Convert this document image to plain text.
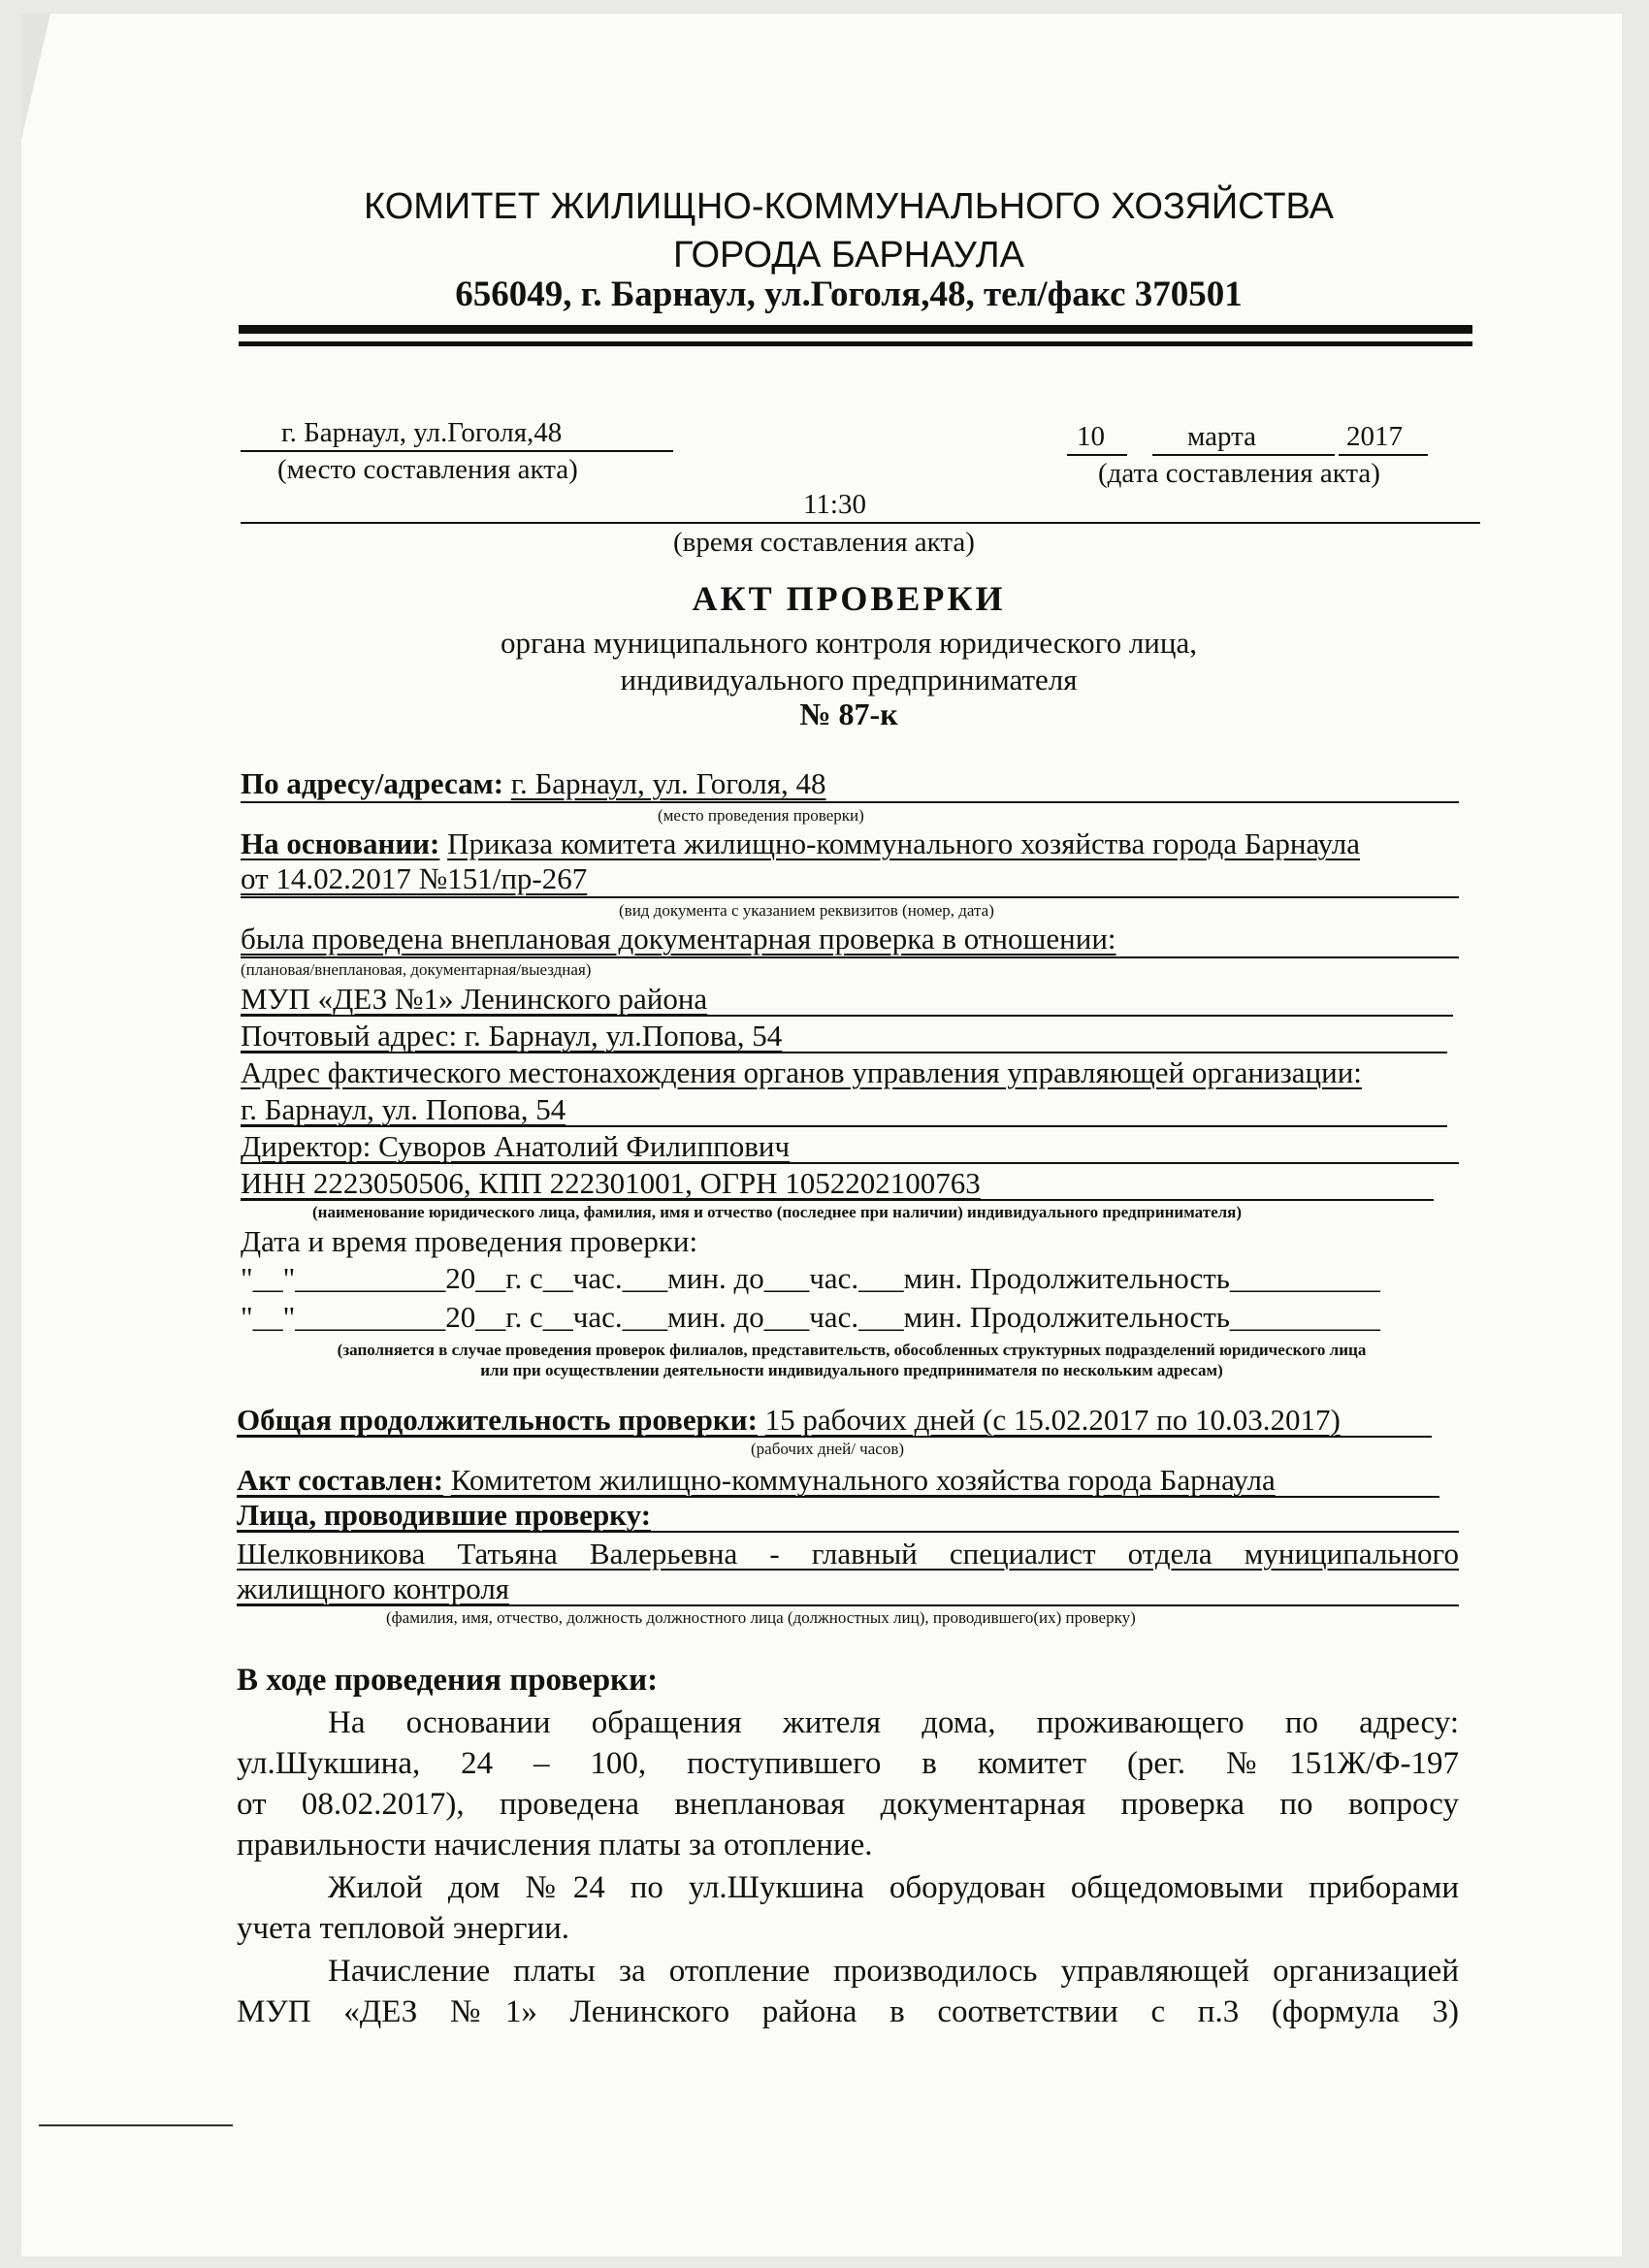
КОМИТЕТ ЖИЛИЩНО-КОММУНАЛЬНОГО ХОЗЯЙСТВА
ГОРОДА БАРНАУЛА
656049, г. Барнаул, ул.Гоголя,48, тел/факс 370501
г. Барнаул, ул.Гоголя,48
(место составления акта)
10	марта	2017
(дата составления акта)
11:30
(время составления акта)
АКТ ПРОВЕРКИ
органа муниципального контроля юридического лица,
индивидуального предпринимателя
№ 87-к
По адресу/адресам: г. Барнаул, ул. Гоголя, 48
(место проведения проверки)
На основании: Приказа комитета жилищно-коммунального хозяйства города Барнаула
от 14.02.2017 №151/пр-267
(вид документа с указанием реквизитов (номер, дата)
была проведена внеплановая документарная проверка в отношении:
(плановая/внеплановая, документарная/выездная)
МУП «ДЕЗ №1» Ленинского района
Почтовый адрес: г. Барнаул, ул.Попова, 54
Адрес фактического местонахождения органов управления управляющей организации:
г. Барнаул, ул. Попова, 54
Директор: Суворов Анатолий Филиппович
ИНН 2223050506, КПП 222301001, ОГРН 1052202100763
(наименование юридического лица, фамилия, имя и отчество (последнее при наличии) индивидуального предпринимателя)
Дата и время проведения проверки:
"__"__________20__г. с__час.___мин. до___час.___мин. Продолжительность__________
"__"__________20__г. с__час.___мин. до___час.___мин. Продолжительность__________
(заполняется в случае проведения проверок филиалов, представительств, обособленных структурных подразделений юридического лица
или при осуществлении деятельности индивидуального предпринимателя по нескольким адресам)
Общая продолжительность проверки: 15 рабочих дней (с 15.02.2017 по 10.03.2017)
(рабочих дней/ часов)
Акт составлен: Комитетом жилищно-коммунального хозяйства города Барнаула
Лица, проводившие проверку:
Шелковникова Татьяна Валерьевна - главный специалист отдела муниципального
жилищного контроля
(фамилия, имя, отчество, должность должностного лица (должностных лиц), проводившего(их) проверку)
В ходе проведения проверки:
На основании обращения жителя дома, проживающего по адресу:
ул.Шукшина, 24 – 100, поступившего в комитет (рег. №151Ж/Ф-197
от 08.02.2017), проведена внеплановая документарная проверка по вопросу
правильности начисления платы за отопление.
Жилой дом №24 по ул.Шукшина оборудован общедомовыми приборами
учета тепловой энергии.
Начисление платы за отопление производилось управляющей организацией
МУП «ДЕЗ №1» Ленинского района в соответствии с п.3 (формула 3)
